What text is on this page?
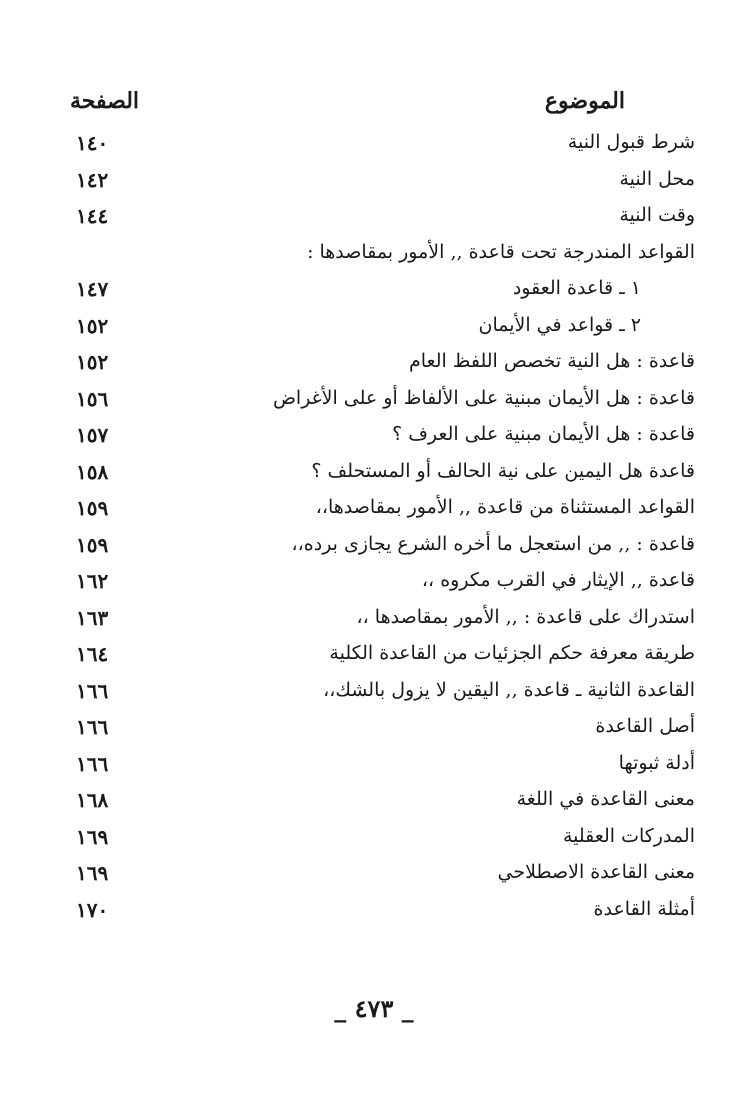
الموضوع
الصفحة
شرط قبول النية
١٤٠
محل النية
١٤٢
وقت النية
١٤٤
القواعد المندرجة تحت قاعدة ,, الأمور بمقاصدها :
١ ـ قاعدة العقود
١٤٧
٢ ـ قواعد في الأيمان
١٥٢
قاعدة : هل النية تخصص اللفظ العام
١٥٢
قاعدة : هل الأيمان مبنية على الألفاظ أو على الأغراض
١٥٦
قاعدة : هل الأيمان مبنية على العرف ؟
١٥٧
قاعدة هل اليمين على نية الحالف أو المستحلف ؟
١٥٨
القواعد المستثناة من قاعدة ,, الأمور بمقاصدها،،
١٥٩
قاعدة : ,, من استعجل ما أخره الشرع يجازى برده،،
١٥٩
قاعدة ,, الإيثار في القرب مكروه ،،
١٦٢
استدراك على قاعدة : ,, الأمور بمقاصدها ،،
١٦٣
طريقة معرفة حكم الجزئيات من القاعدة الكلية
١٦٤
القاعدة الثانية ـ قاعدة ,, اليقين لا يزول بالشك،،
١٦٦
أصل القاعدة
١٦٦
أدلة ثبوتها
١٦٦
معنى القاعدة في اللغة
١٦٨
المدركات العقلية
١٦٩
معنى القاعدة الاصطلاحي
١٦٩
أمثلة القاعدة
١٧٠
_ ٤٧٣ _
